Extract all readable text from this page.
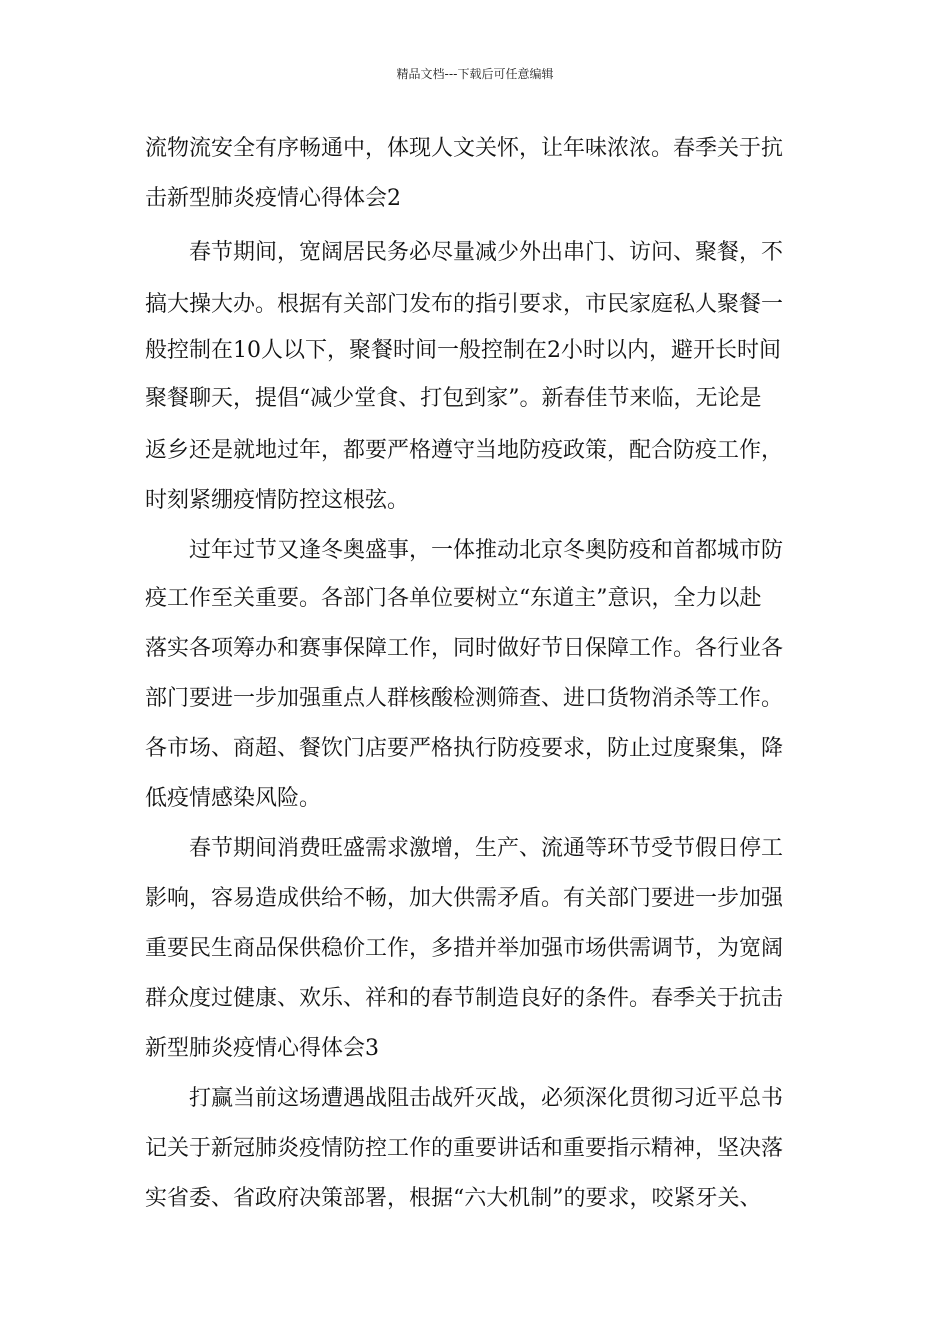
精品文档---下载后可任意编辑
流物流安全有序畅通中，体现人文关怀，让年味浓浓。春季关于抗
击新型肺炎疫情心得体会2
春节期间，宽阔居民务必尽量减少外出串门、访问、聚餐，不
搞大操大办。根据有关部门发布的指引要求，市民家庭私人聚餐一
般控制在10人以下，聚餐时间一般控制在2小时以内，避开长时间
聚餐聊天，提倡“减少堂食、打包到家”。新春佳节来临，无论是
返乡还是就地过年，都要严格遵守当地防疫政策，配合防疫工作，
时刻紧绷疫情防控这根弦。
过年过节又逢冬奥盛事，一体推动北京冬奥防疫和首都城市防
疫工作至关重要。各部门各单位要树立“东道主”意识，全力以赴
落实各项筹办和赛事保障工作，同时做好节日保障工作。各行业各
部门要进一步加强重点人群核酸检测筛查、进口货物消杀等工作。
各市场、商超、餐饮门店要严格执行防疫要求，防止过度聚集，降
低疫情感染风险。
春节期间消费旺盛需求激增，生产、流通等环节受节假日停工
影响，容易造成供给不畅，加大供需矛盾。有关部门要进一步加强
重要民生商品保供稳价工作，多措并举加强市场供需调节，为宽阔
群众度过健康、欢乐、祥和的春节制造良好的条件。春季关于抗击
新型肺炎疫情心得体会3
打赢当前这场遭遇战阻击战歼灭战，必须深化贯彻习近平总书
记关于新冠肺炎疫情防控工作的重要讲话和重要指示精神，坚决落
实省委、省政府决策部署，根据“六大机制”的要求，咬紧牙关、
